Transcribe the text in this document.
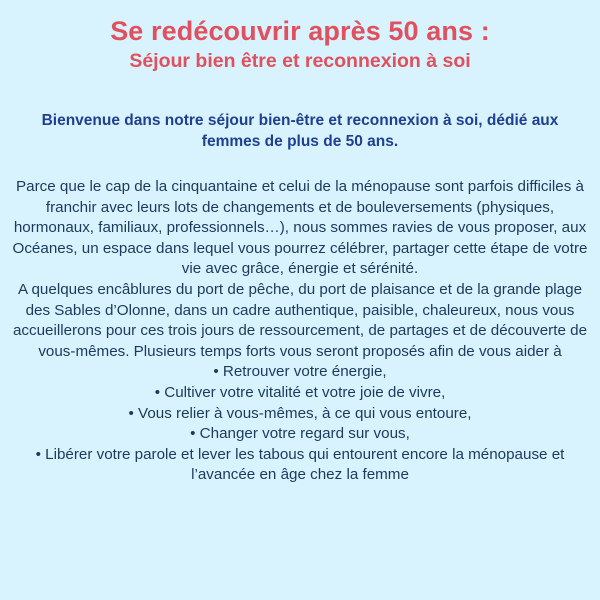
Se redécouvrir après 50 ans :
Séjour bien être et reconnexion à soi
Bienvenue dans notre séjour bien-être et reconnexion à soi, dédié aux femmes de plus de 50 ans.

Parce que le cap de la cinquantaine et celui de la ménopause sont parfois difficiles à franchir avec leurs lots de changements et de bouleversements (physiques, hormonaux, familiaux, professionnels…), nous sommes ravies de vous proposer, aux Océanes, un espace dans lequel vous pourrez célébrer, partager cette étape de votre vie avec grâce, énergie et sérénité.

A quelques encâblures du port de pêche, du port de plaisance et de la grande plage des Sables d’Olonne, dans un cadre authentique, paisible, chaleureux, nous vous accueillerons pour ces trois jours de ressourcement, de partages et de découverte de vous-mêmes. Plusieurs temps forts vous seront proposés afin de vous aider à

• Retrouver votre énergie,
• Cultiver votre vitalité et votre joie de vivre,
• Vous relier à vous-mêmes, à ce qui vous entoure,
• Changer votre regard sur vous,
• Libérer votre parole et lever les tabous qui entourent encore la ménopause et l’avancée en âge chez la femme
